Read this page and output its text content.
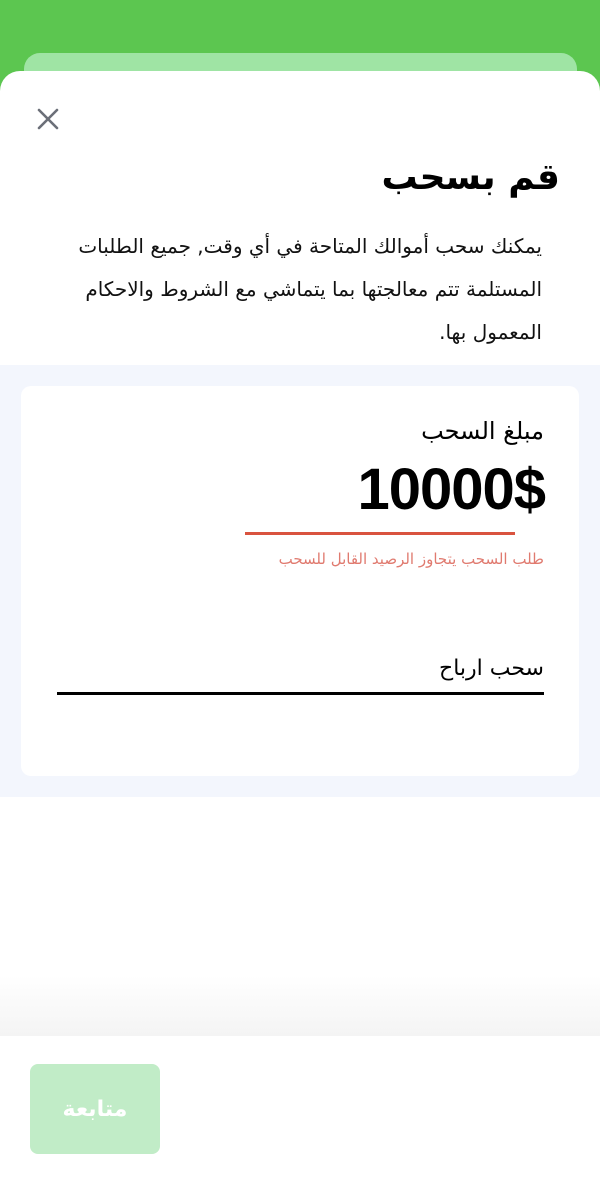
قم بسحب

يمكنك سحب أموالك المتاحة في أي وقت, جميع الطلبات المستلمة تتم معالجتها بما يتماشي مع الشروط والاحكام المعمول بها.

مبلغ السحب
10000$
طلب السحب يتجاوز الرصيد القابل للسحب
سحب ارباح
متابعة
